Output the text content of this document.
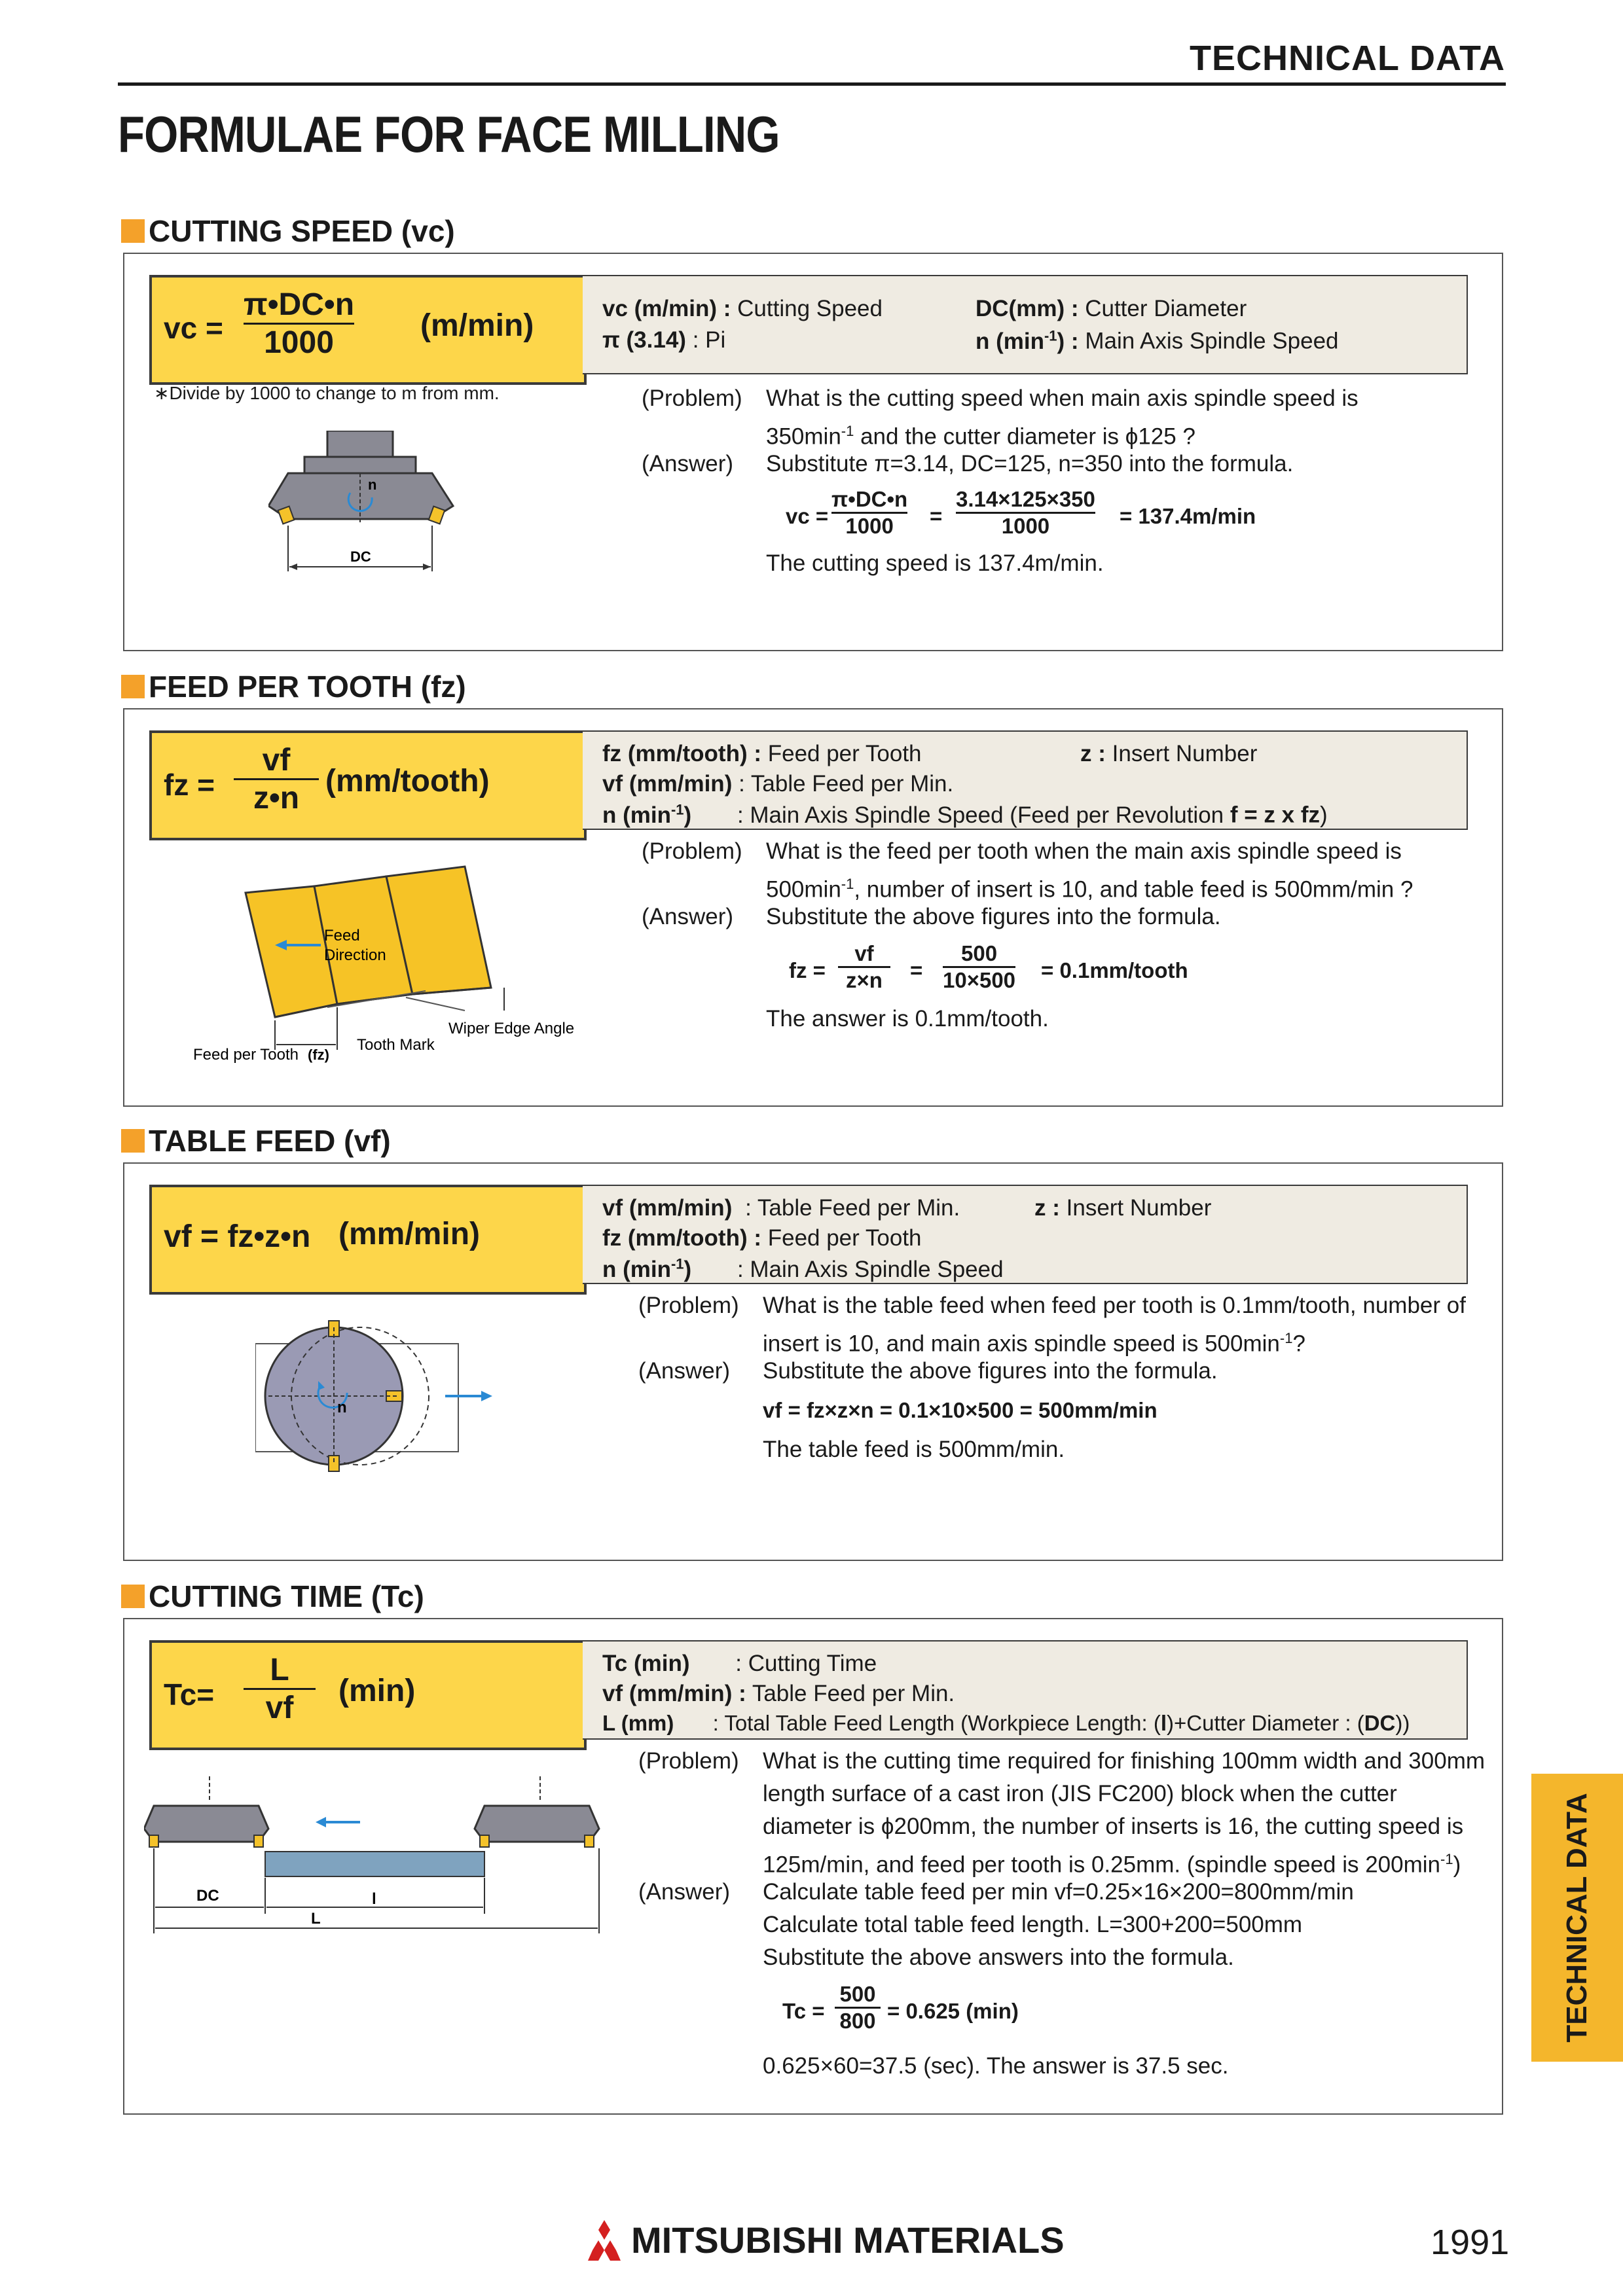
TECHNICAL DATA
FORMULAE FOR FACE MILLING
CUTTING SPEED (vc)
vc =
π•DC•n
1000	(m/min)	vc (m/min) : Cutting Speed	DC(mm) : Cutter Diameter
π (3.14) : Pi	n $(\min^{-1})$ : Main Axis Spindle Speed
∗Divide by 1000 to change to m from mm.
n
DC
(Problem) What is the cutting speed when main axis spindle speed is
$350\min^{-1}$ and the cutter diameter is ϕ125 ?
(Answer) Substitute π=3.14, DC=125, n=350 into the formula.
vc =
π•DC•n
1000 =
3.14×125×350
1000	= 137.4m/min
The cutting speed is 137.4m/min.
FEED PER TOOTH (fz)
fz =
vf
z•n (mm/tooth)
fz (mm/tooth) : Feed per Tooth	z : Insert Number
vf (mm/min) : Table Feed per Min.
n $(\min^{-1})$ : Main Axis Spindle Speed (Feed per Revolution f = z x fz)
Feed
Direction
Wiper Edge Angle
Tooth Mark
Feed per Tooth (fz)
(Problem) What is the feed per tooth when the main axis spindle speed is
$500\min^{-1}$, number of insert is 10, and table feed is 500mm/min ?
(Answer) Substitute the above figures into the formula.
fz =
vf
z×n =
500
10×500 = 0.1mm/tooth
The answer is 0.1mm/tooth.
TABLE FEED (vf)
vf = fz•z•n (mm/min)
vf (mm/min) : Table Feed per Min.	z : Insert Number
fz (mm/tooth) : Feed per Tooth
n $(\min^{-1})$ : Main Axis Spindle Speed
n
(Problem) What is the table feed when feed per tooth is 0.1mm/tooth, number of
insert is 10, and main axis spindle speed is $500\min^{-1}$?
(Answer) Substitute the above figures into the formula.
vf = fz×z×n = 0.1×10×500 = 500mm/min
The table feed is 500mm/min.
CUTTING TIME (Tc)
Tc=
L
vf (min)
Tc (min) : Cutting Time
vf (mm/min) : Table Feed per Min.
L (mm) : Total Table Feed Length (Workpiece Length: (l)+Cutter Diameter : (DC))
DC	l
L
(Problem) What is the cutting time required for finishing 100mm width and 300mm
length surface of a cast iron (JIS FC200) block when the cutter
diameter is ϕ200mm, the number of inserts is 16, the cutting speed is
125m/min, and feed per tooth is 0.25mm. (spindle speed is $200\min^{-1}$)
(Answer) Calculate table feed per min vf=0.25×16×200=800mm/min
Calculate total table feed length. L=300+200=500mm
Substitute the above answers into the formula.
Tc =
500
800 = 0.625 (min)
0.625×60=37.5 (sec). The answer is 37.5 sec.
TECHNICAL DATA
MITSUBISHI MATERIALS	1991
